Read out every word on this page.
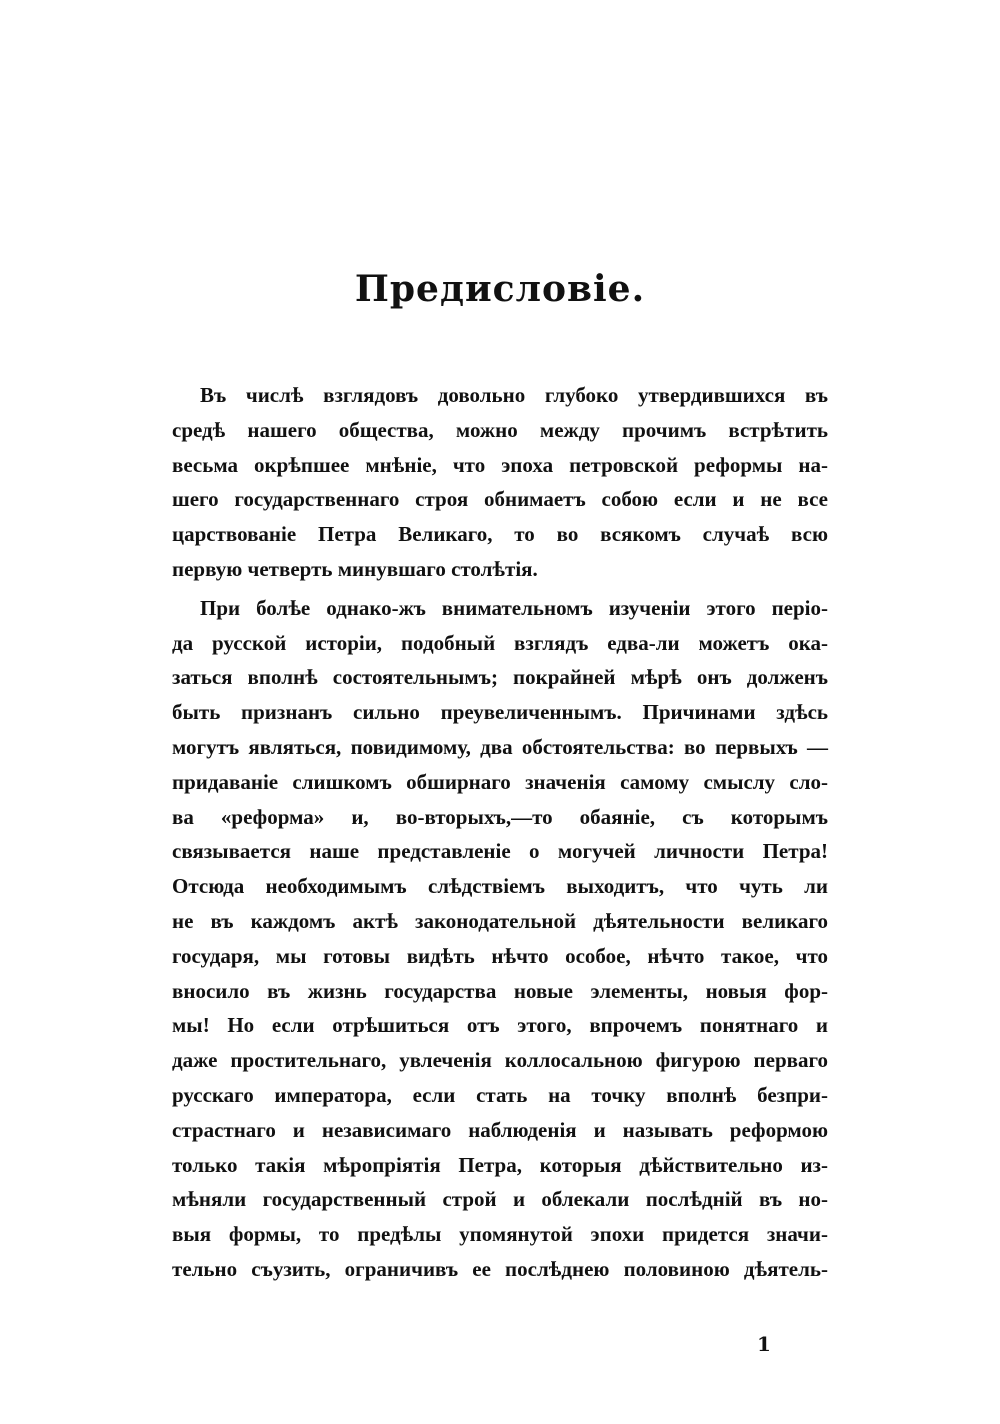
Предисловіе.
Въ числѣ взглядовъ довольно глубоко утвердившихся въ
средѣ нашего общества, можно между прочимъ встрѣтить
весьма окрѣпшее мнѣніе, что эпоха петровской реформы на-
шего государственнаго строя обнимаетъ собою если и не все
царствованіе Петра Великаго, то во всякомъ случаѣ всю
первую четверть минувшаго столѣтія.
При болѣе однако-жъ внимательномъ изученіи этого періо-
да русской исторіи, подобный взглядъ едва-ли можетъ ока-
заться вполнѣ состоятельнымъ; покрайней мѣрѣ онъ долженъ
быть признанъ сильно преувеличеннымъ. Причинами здѣсь
могутъ являться, повидимому, два обстоятельства: во первыхъ —
придаваніе слишкомъ обширнаго значенія самому смыслу сло-
ва «реформа» и, во-вторыхъ,—то обаяніе, съ которымъ
связывается наше представленіе о могучей личности Петра!
Отсюда необходимымъ слѣдствіемъ выходитъ, что чуть ли
не въ каждомъ актѣ законодательной дѣятельности великаго
государя, мы готовы видѣть нѣчто особое, нѣчто такое, что
вносило въ жизнь государства новые элементы, новыя фор-
мы! Но если отрѣшиться отъ этого, впрочемъ понятнаго и
даже простительнаго, увлеченія коллосальною фигурою перваго
русскаго императора, если стать на точку вполнѣ безпри-
страстнаго и независимаго наблюденія и называть реформою
только такія мѣропріятія Петра, которыя дѣйствительно из-
мѣняли государственный строй и облекали послѣдній въ но-
выя формы, то предѣлы упомянутой эпохи придется значи-
тельно съузить, ограничивъ ее послѣднею половиною дѣятель-
1
